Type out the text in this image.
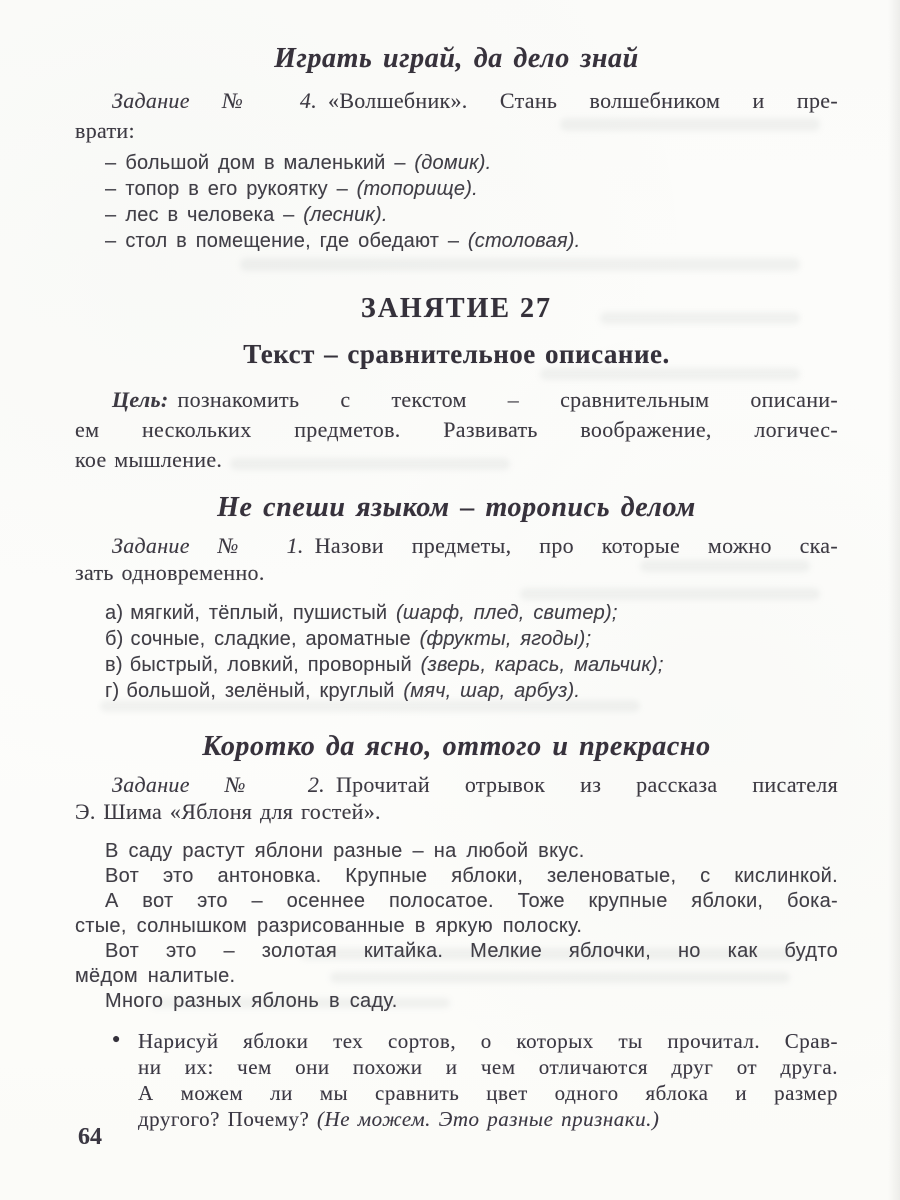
Играть играй, да дело знай

Задание № 4. «Волшебник». Стань волшебником и пре-
врати:

– большой дом в маленький – (домик).

– топор в его рукоятку – (топорище).

– лес в человека – (лесник).

– стол в помещение, где обедают – (столовая).

ЗАНЯТИЕ 27
Текст – сравнительное описание.

Цель: познакомить с текстом – сравнительным описани-
ем нескольких предметов. Развивать воображение, логичес-
кое мышление.

Не спеши языком – торопись делом

Задание № 1. Назови предметы, про которые можно ска-
зать одновременно.

а) мягкий, тёплый, пушистый (шарф, плед, свитер);

б) сочные, сладкие, ароматные (фрукты, ягоды);

в) быстрый, ловкий, проворный (зверь, карась, мальчик);

г) большой, зелёный, круглый (мяч, шар, арбуз).

Коротко да ясно, оттого и прекрасно

Задание № 2. Прочитай отрывок из рассказа писателя
Э. Шима «Яблоня для гостей».

В саду растут яблони разные – на любой вкус.

Вот это антоновка. Крупные яблоки, зеленоватые, с кислинкой.

А вот это – осеннее полосатое. Тоже крупные яблоки, бока-
стые, солнышком разрисованные в яркую полоску.

Вот это – золотая китайка. Мелкие яблочки, но как будто
мёдом налитые.

Много разных яблонь в саду.

● Нарисуй яблоки тех сортов, о которых ты прочитал. Срав-
ни их: чем они похожи и чем отличаются друг от друга.
А можем ли мы сравнить цвет одного яблока и размер
другого? Почему? (Не можем. Это разные признаки.)
64
